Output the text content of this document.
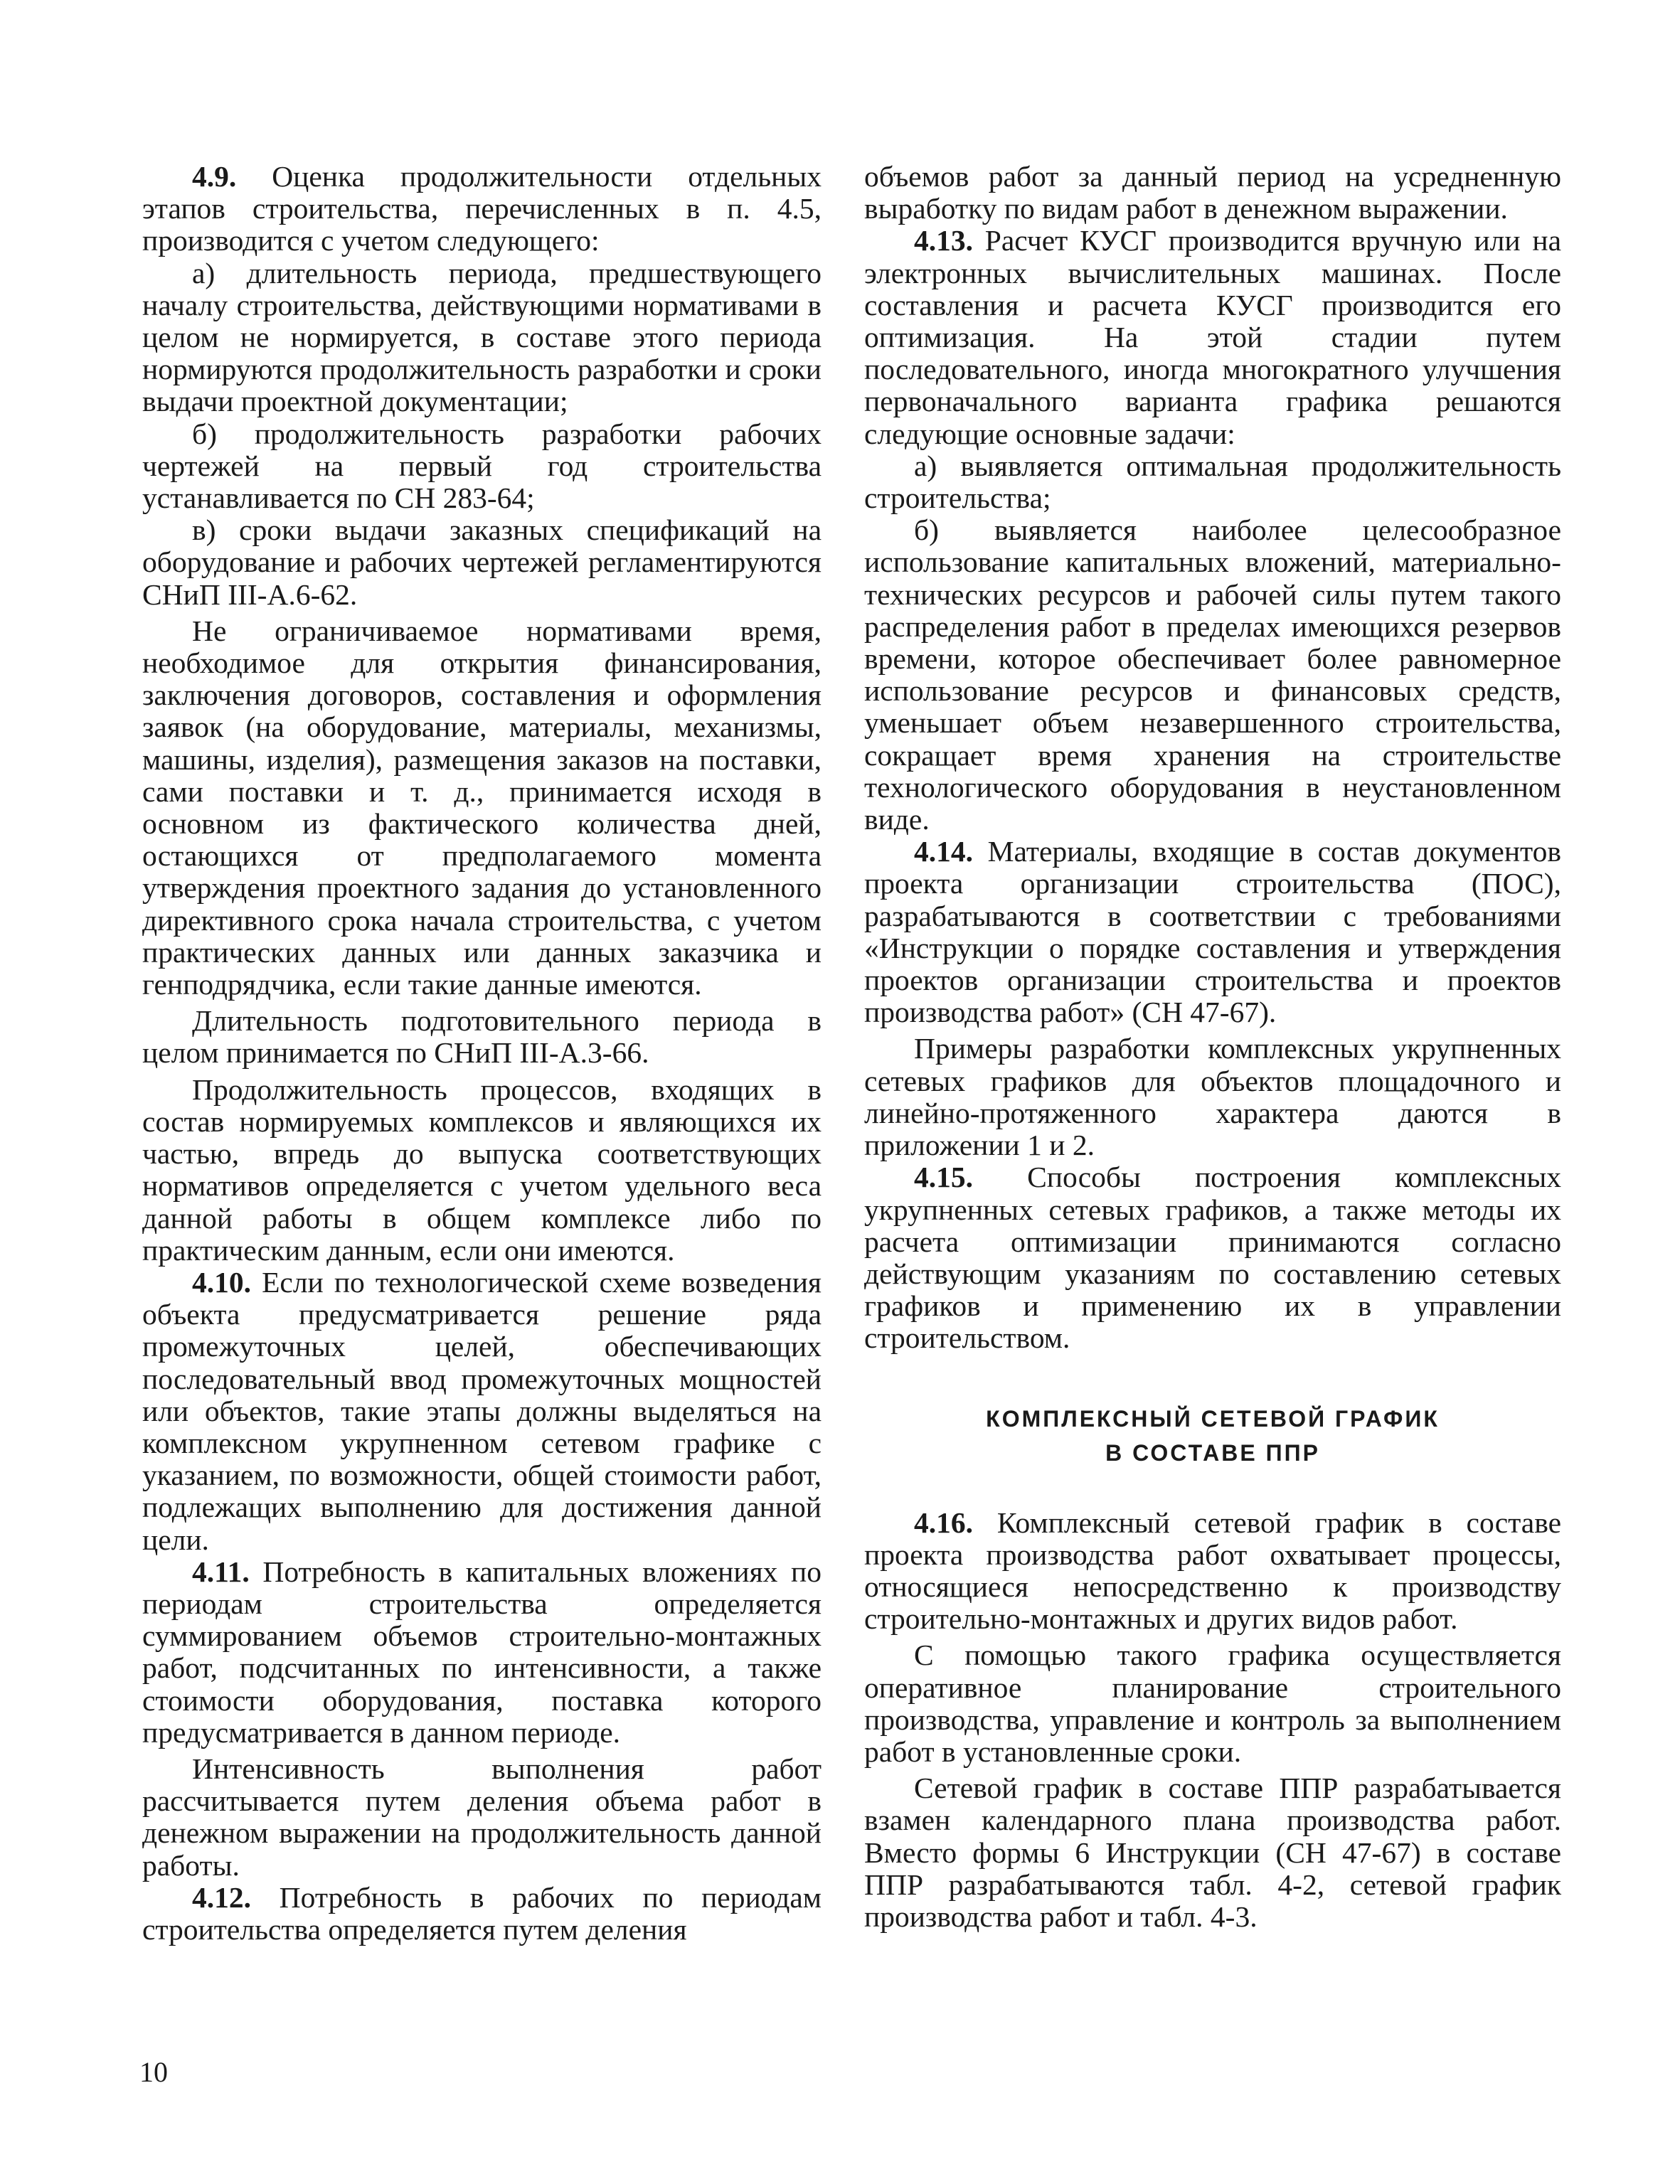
4.9. Оценка продолжительности отдельных этапов строительства, перечисленных в п. 4.5, производится с учетом следующего:

а) длительность периода, предшествующего началу строительства, действующими нормативами в целом не нормируется, в составе этого периода нормируются продолжительность разработки и сроки выдачи проектной документации;

б) продолжительность разработки рабочих чертежей на первый год строительства устанавливается по СН 283-64;

в) сроки выдачи заказных спецификаций на оборудование и рабочих чертежей регламентируются СНиП III-А.6-62.

Не ограничиваемое нормативами время, необходимое для открытия финансирования, заключения договоров, составления и оформления заявок (на оборудование, материалы, механизмы, машины, изделия), размещения заказов на поставки, сами поставки и т. д., принимается исходя в основном из фактического количества дней, остающихся от предполагаемого момента утверждения проектного задания до установленного директивного срока начала строительства, с учетом практических данных или данных заказчика и генподрядчика, если такие данные имеются.

Длительность подготовительного периода в целом принимается по СНиП III-А.3-66.

Продолжительность процессов, входящих в состав нормируемых комплексов и являющихся их частью, впредь до выпуска соответствующих нормативов определяется с учетом удельного веса данной работы в общем комплексе либо по практическим данным, если они имеются.

4.10. Если по технологической схеме возведения объекта предусматривается решение ряда промежуточных целей, обеспечивающих последовательный ввод промежуточных мощностей или объектов, такие этапы должны выделяться на комплексном укрупненном сетевом графике с указанием, по возможности, общей стоимости работ, подлежащих выполнению для достижения данной цели.

4.11. Потребность в капитальных вложениях по периодам строительства определяется суммированием объемов строительно-монтажных работ, подсчитанных по интенсивности, а также стоимости оборудования, поставка которого предусматривается в данном периоде.

Интенсивность выполнения работ рассчитывается путем деления объема работ в денежном выражении на продолжительность данной работы.

4.12. Потребность в рабочих по периодам строительства определяется путем деления

объемов работ за данный период на усредненную выработку по видам работ в денежном выражении.

4.13. Расчет КУСГ производится вручную или на электронных вычислительных машинах. После составления и расчета КУСГ производится его оптимизация. На этой стадии путем последовательного, иногда многократного улучшения первоначального варианта графика решаются следующие основные задачи:

а) выявляется оптимальная продолжительность строительства;

б) выявляется наиболее целесообразное использование капитальных вложений, материально-технических ресурсов и рабочей силы путем такого распределения работ в пределах имеющихся резервов времени, которое обеспечивает более равномерное использование ресурсов и финансовых средств, уменьшает объем незавершенного строительства, сокращает время хранения на строительстве технологического оборудования в неустановленном виде.

4.14. Материалы, входящие в состав документов проекта организации строительства (ПОС), разрабатываются в соответствии с требованиями «Инструкции о порядке составления и утверждения проектов организации строительства и проектов производства работ» (СН 47-67).

Примеры разработки комплексных укрупненных сетевых графиков для объектов площадочного и линейно-протяженного характера даются в приложении 1 и 2.

4.15. Способы построения комплексных укрупненных сетевых графиков, а также методы их расчета оптимизации принимаются согласно действующим указаниям по составлению сетевых графиков и применению их в управлении строительством.

КОМПЛЕКСНЫЙ СЕТЕВОЙ ГРАФИК
В СОСТАВЕ ППР

4.16. Комплексный сетевой график в составе проекта производства работ охватывает процессы, относящиеся непосредственно к производству строительно-монтажных и других видов работ.

С помощью такого графика осуществляется оперативное планирование строительного производства, управление и контроль за выполнением работ в установленные сроки.

Сетевой график в составе ППР разрабатывается взамен календарного плана производства работ. Вместо формы 6 Инструкции (СН 47-67) в составе ППР разрабатываются табл. 4-2, сетевой график производства работ и табл. 4-3.

10
